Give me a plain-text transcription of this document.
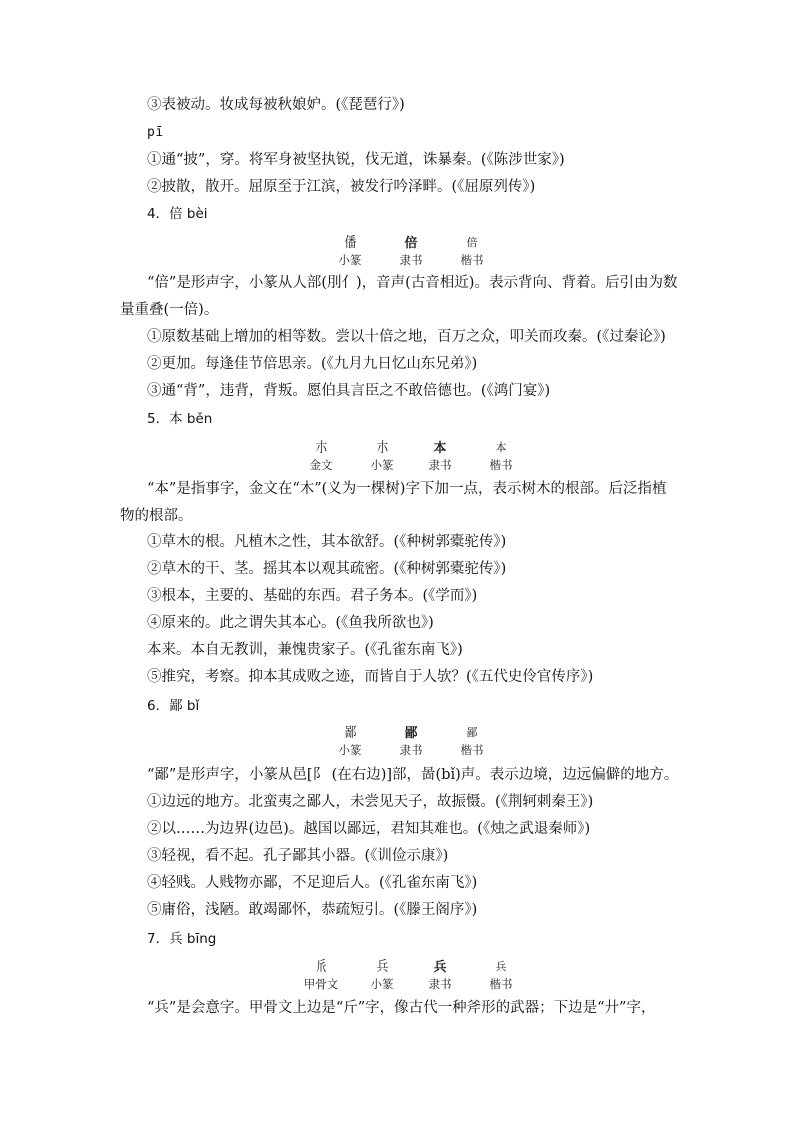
③表被动。妆成每被秋娘妒。(《琵琶行》)
pī
①通“披”，穿。将军身被坚执锐，伐无道，诛暴秦。(《陈涉世家》)
②披散，散开。屈原至于江滨，被发行吟泽畔。(《屈原列传》)
4．倍 bèi
僠	倍	倍
小篆	隶书	楷书
“倍”是形声字，小篆从人部(刖亻)，音声(古音相近)。表示背向、背着。后引由为数
量重叠(一倍)。
①原数基础上增加的相等数。尝以十倍之地，百万之众，叩关而攻秦。(《过秦论》)
②更加。每逢佳节倍思亲。(《九月九日忆山东兄弟》)
③通“背”，违背，背叛。愿伯具言臣之不敢倍德也。(《鸿门宴》)
5．本 běn
朩	朩	本	本
金文	小篆	隶书	楷书
“本”是指事字，金文在“木”(义为一棵树)字下加一点，表示树木的根部。后泛指植
物的根部。
①草木的根。凡植木之性，其本欲舒。(《种树郭橐驼传》)
②草木的干、茎。摇其本以观其疏密。(《种树郭橐驼传》)
③根本，主要的、基础的东西。君子务本。(《学而》)
④原来的。此之谓失其本心。(《鱼我所欲也》)
本来。本自无教训，兼愧贵家子。(《孔雀东南飞》)
⑤推究，考察。抑本其成败之迹，而皆自于人欤？(《五代史伶官传序》)
6．鄙 bǐ
鄙	鄙	鄙
小篆	隶书	楷书
“鄙”是形声字，小篆从邑[阝 (在右边)]部，啚(bǐ)声。表示边境，边远偏僻的地方。
①边远的地方。北蛮夷之鄙人，未尝见天子，故振慑。(《荆轲刺秦王》)
②以……为边界(边邑)。越国以鄙远，君知其难也。(《烛之武退秦师》)
③轻视，看不起。孔子鄙其小器。(《训俭示康》)
④轻贱。人贱物亦鄙，不足迎后人。(《孔雀东南飞》)
⑤庸俗，浅陋。敢竭鄙怀，恭疏短引。(《滕王阁序》)
7．兵 bīng
𠂢	兵	兵	兵
甲骨文	小篆	隶书	楷书
“兵”是会意字。甲骨文上边是“斤”字，像古代一种斧形的武器；下边是“廾”字，
